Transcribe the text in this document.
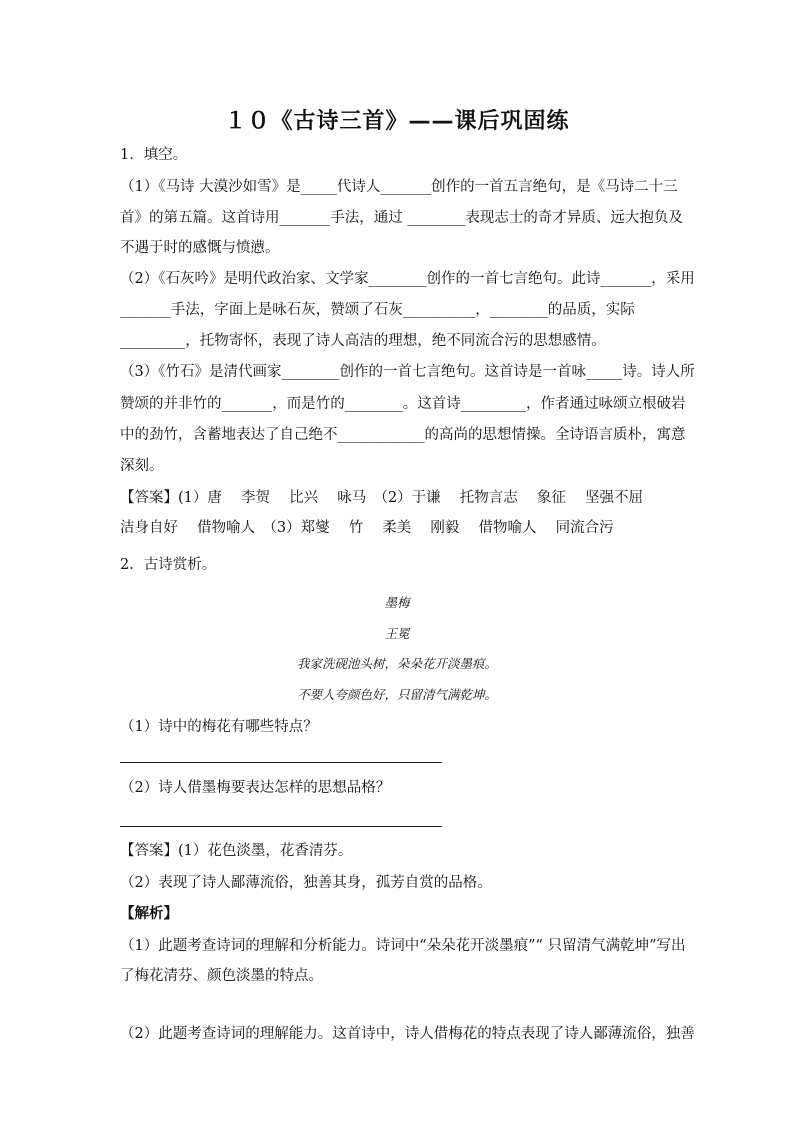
１０《古诗三首》——课后巩固练
1．填空。
（1）《马诗 大漠沙如雪》是_____代诗人_______创作的一首五言绝句，是《马诗二十三
首》的第五篇。这首诗用_______手法，通过 ________表现志士的奇才异质、远大抱负及
不遇于时的感慨与愤懑。
（2）《石灰吟》是明代政治家、文学家________创作的一首七言绝句。此诗_______，采用
_______手法，字面上是咏石灰，赞颂了石灰__________，________的品质，实际
_________，托物寄怀，表现了诗人高洁的理想，绝不同流合污的思想感情。
（3）《竹石》是清代画家________创作的一首七言绝句。这首诗是一首咏_____诗。诗人所
赞颂的并非竹的_______，而是竹的________。这首诗_________，作者通过咏颂立根破岩
中的劲竹，含蓄地表达了自己绝不____________的高尚的思想情操。全诗语言质朴，寓意
深刻。
【答案】(1）唐　 李贺　 比兴　 咏马　（2）于谦　 托物言志　 象征　 坚强不屈
洁身自好　 借物喻人　（3）郑燮　 竹　 柔美　 刚毅　 借物喻人　 同流合污
2．古诗赏析。
墨梅
王冕
我家洗砚池头树，朵朵花开淡墨痕。
不要人夸颜色好，只留清气满乾坤。
（1）诗中的梅花有哪些特点？
（2）诗人借墨梅要表达怎样的思想品格？
【答案】(1）花色淡墨，花香清芬。
（2）表现了诗人鄙薄流俗，独善其身，孤芳自赏的品格。
【解析】
（1）此题考查诗词的理解和分析能力。诗词中“朵朵花开淡墨痕”“ 只留清气满乾坤”写出
了梅花清芬、颜色淡墨的特点。
（2）此题考查诗词的理解能力。这首诗中，诗人借梅花的特点表现了诗人鄙薄流俗，独善
